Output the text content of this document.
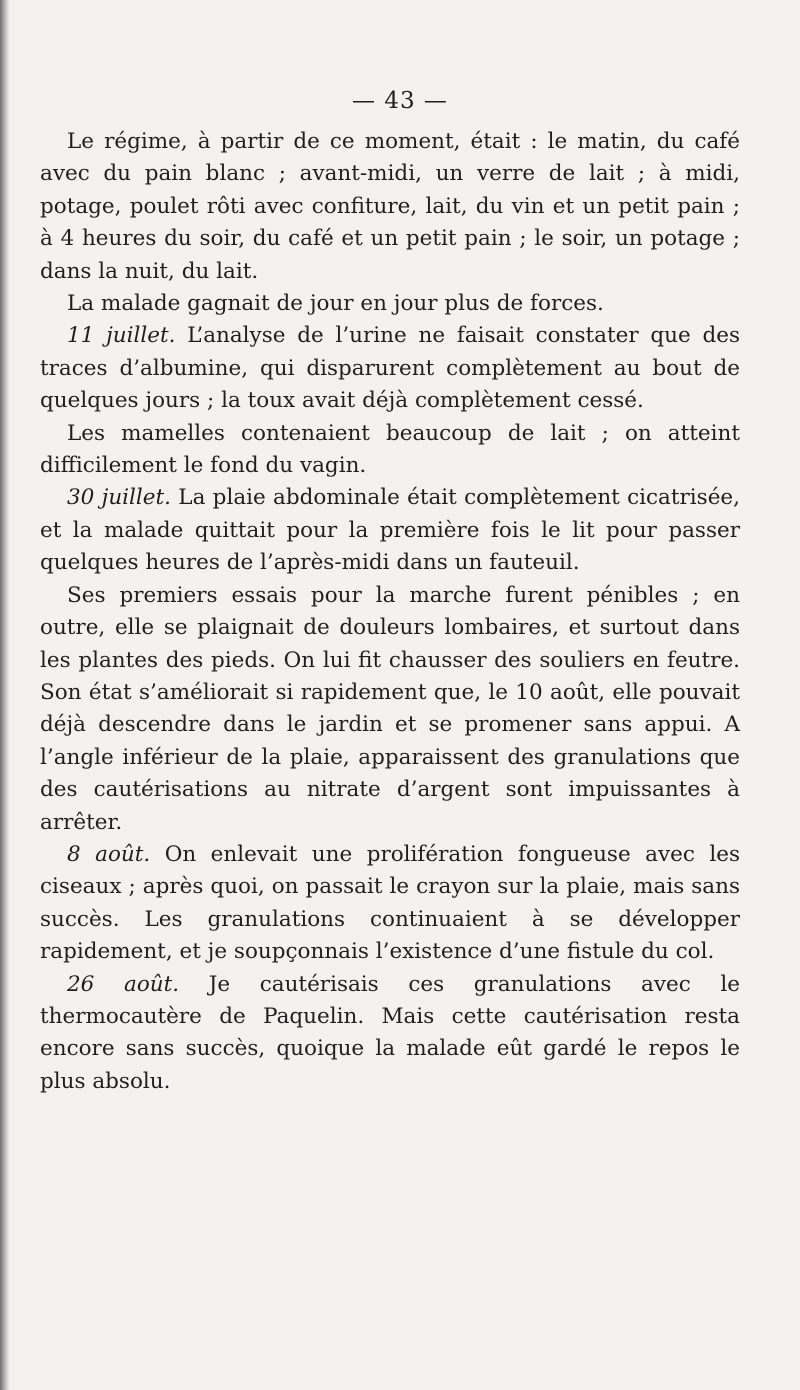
— 43 —

Le régime, à partir de ce moment, était : le matin, du café avec du pain blanc ; avant-midi, un verre de lait ; à midi, potage, poulet rôti avec confiture, lait, du vin et un petit pain ; à 4 heures du soir, du café et un petit pain ; le soir, un potage ; dans la nuit, du lait.

La malade gagnait de jour en jour plus de forces.

11 juillet. L’analyse de l’urine ne faisait constater que des traces d’albumine, qui disparurent complètement au bout de quelques jours ; la toux avait déjà complètement cessé.

Les mamelles contenaient beaucoup de lait ; on atteint difficilement le fond du vagin.

30 juillet. La plaie abdominale était complètement cicatrisée, et la malade quittait pour la première fois le lit pour passer quelques heures de l’après-midi dans un fauteuil.

Ses premiers essais pour la marche furent pénibles ; en outre, elle se plaignait de douleurs lombaires, et surtout dans les plantes des pieds. On lui fit chausser des souliers en feutre. Son état s’améliorait si rapidement que, le 10 août, elle pouvait déjà descendre dans le jardin et se promener sans appui. A l’angle inférieur de la plaie, apparaissent des granulations que des cautérisations au nitrate d’argent sont impuissantes à arrêter.

8 août. On enlevait une prolifération fongueuse avec les ciseaux ; après quoi, on passait le crayon sur la plaie, mais sans succès. Les granulations continuaient à se développer rapidement, et je soupçonnais l’existence d’une fistule du col.

26 août. Je cautérisais ces granulations avec le thermocautère de Paquelin. Mais cette cautérisation resta encore sans succès, quoique la malade eût gardé le repos le plus absolu.
